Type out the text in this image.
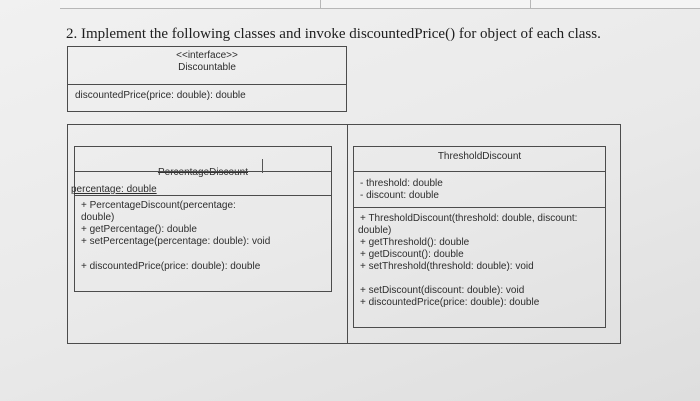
2. Implement the following classes and invoke discountedPrice() for object of each class.
<<interface>>
Discountable
discountedPrice(price: double): double
PercentageDiscount
percentage: double
+ PercentageDiscount(percentage:
double)
+ getPercentage(): double
+ setPercentage(percentage: double): void
+ discountedPrice(price: double): double
ThresholdDiscount
- threshold: double
- discount: double
+ ThresholdDiscount(threshold: double, discount:
double)
+ getThreshold(): double
+ getDiscount(): double
+ setThreshold(threshold: double): void
+ setDiscount(discount: double): void
+ discountedPrice(price: double): double
